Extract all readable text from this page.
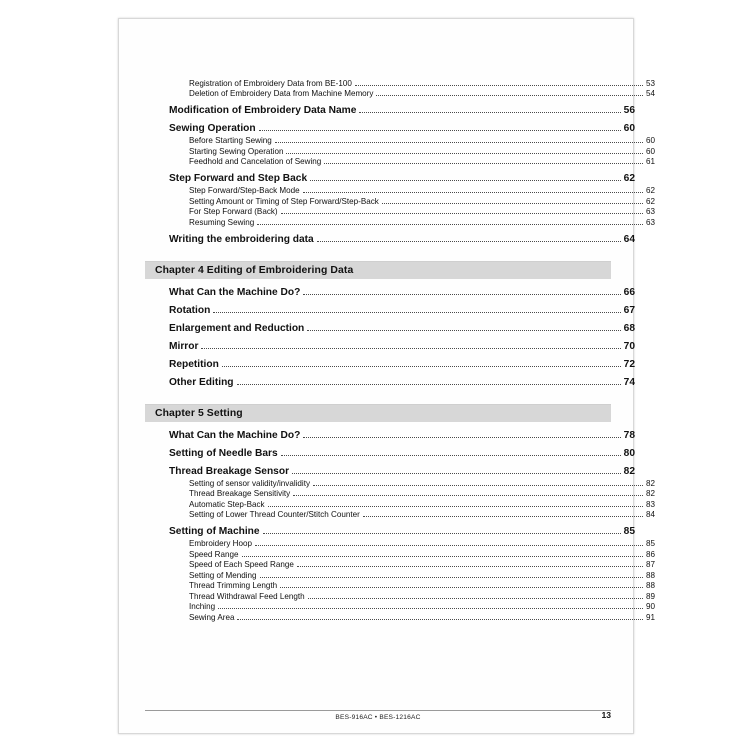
Registration of Embroidery Data from BE-100	53
Deletion of Embroidery Data from Machine Memory	54
Modification of Embroidery Data Name	56
Sewing Operation	60
Before Starting Sewing	60
Starting Sewing Operation	60
Feedhold and Cancelation of Sewing	61
Step Forward and Step Back	62
Step Forward/Step-Back Mode	62
Setting Amount or Timing of Step Forward/Step-Back	62
For Step Forward (Back)	63
Resuming Sewing	63
Writing the embroidering data	64
Chapter 4 Editing of Embroidering Data
What Can the Machine Do?	66
Rotation	67
Enlargement and Reduction	68
Mirror	70
Repetition	72
Other Editing	74
Chapter 5 Setting
What Can the Machine Do?	78
Setting of Needle Bars	80
Thread Breakage Sensor	82
Setting of sensor validity/invalidity	82
Thread Breakage Sensitivity	82
Automatic Step-Back	83
Setting of Lower Thread Counter/Stitch Counter	84
Setting of Machine	85
Embroidery Hoop	85
Speed Range	86
Speed of Each Speed Range	87
Setting of Mending	88
Thread Trimming Length	88
Thread Withdrawal Feed Length	89
Inching	90
Sewing Area	91
BES-916AC • BES-1216AC	13
